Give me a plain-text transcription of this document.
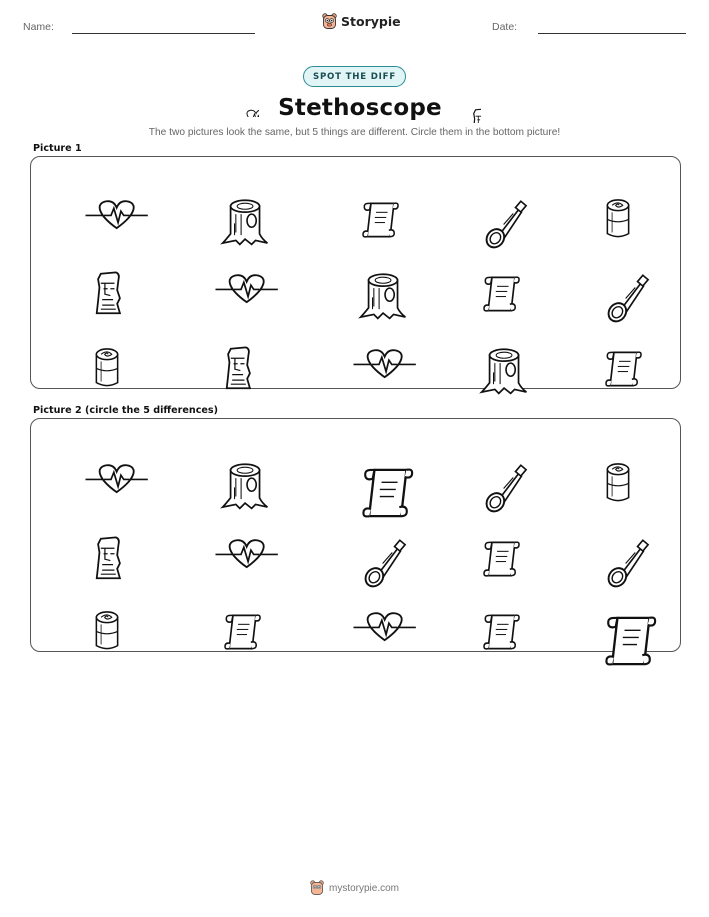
Name:	Storypie	Date:
SPOT THE DIFF
Stethoscope
The two pictures look the same, but 5 things are different. Circle them in the bottom picture!
Picture 1
Picture 2 (circle the 5 differences)
mystorypie.com
